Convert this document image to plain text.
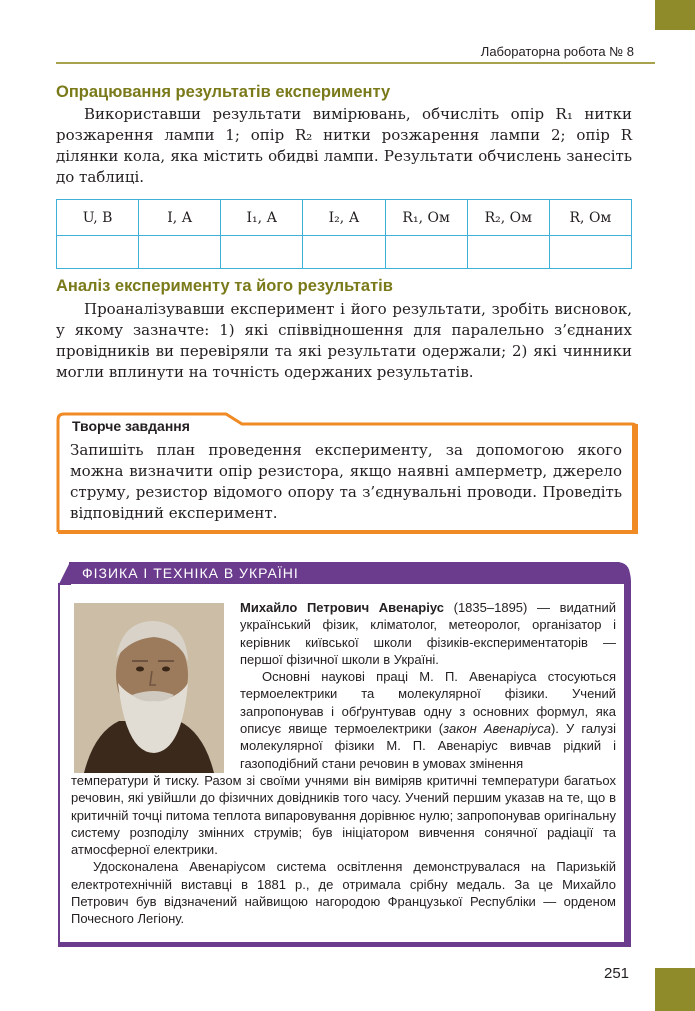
Лабораторна робота № 8
Опрацювання результатів експерименту
Використавши результати вимірювань, обчисліть опір R₁ нитки розжарення лампи 1; опір R₂ нитки розжарення лампи 2; опір R ділянки кола, яка містить обидві лампи. Результати обчислень занесіть до таблиці.
U, В	I, А	I₁, А	I₂, А	R₁, Ом	R₂, Ом	R, Ом

Аналіз експерименту та його результатів
Проаналізувавши експеримент і його результати, зробіть висновок, у якому зазначте: 1) які співвідношення для паралельно з’єднаних провідників ви перевіряли та які результати одержали; 2) які чинники могли вплинути на точність одержаних результатів.
Творче завдання
Запишіть план проведення експерименту, за допомогою якого можна визначити опір резистора, якщо наявні амперметр, джерело струму, резистор відомого опору та з’єднувальні проводи. Проведіть відповідний експеримент.
ФІЗИКА І ТЕХНІКА В УКРАЇНІ
Михайло Петрович Авенаріус (1835–1895) — видатний український фізик, кліматолог, метеоролог, організатор і керівник київської школи фізиків-експериментаторів — першої фізичної школи в Україні.
Основні наукові праці М. П. Авенаріуса стосуються термоелектрики та молекулярної фізики. Учений запропонував і обґрунтував одну з основних формул, яка описує явище термоелектрики (закон Авенаріуса). У галузі молекулярної фізики М. П. Авенаріус вивчав рідкий і газоподібний стани речовин в умовах змінення
температури й тиску. Разом зі своїми учнями він виміряв критичні температури багатьох речовин, які увійшли до фізичних довідників того часу. Учений першим указав на те, що в критичній точці питома теплота випаровування дорівнює нулю; запропонував оригінальну систему розподілу змінних струмів; був ініціатором вивчення сонячної радіації та атмосферної електрики.
Удосконалена Авенаріусом система освітлення демонструвалася на Паризькій електротехнічній виставці в 1881 р., де отримала срібну медаль. За це Михайло Петрович був відзначений найвищою нагородою Французької Республіки — орденом Почесного Легіону.
251
